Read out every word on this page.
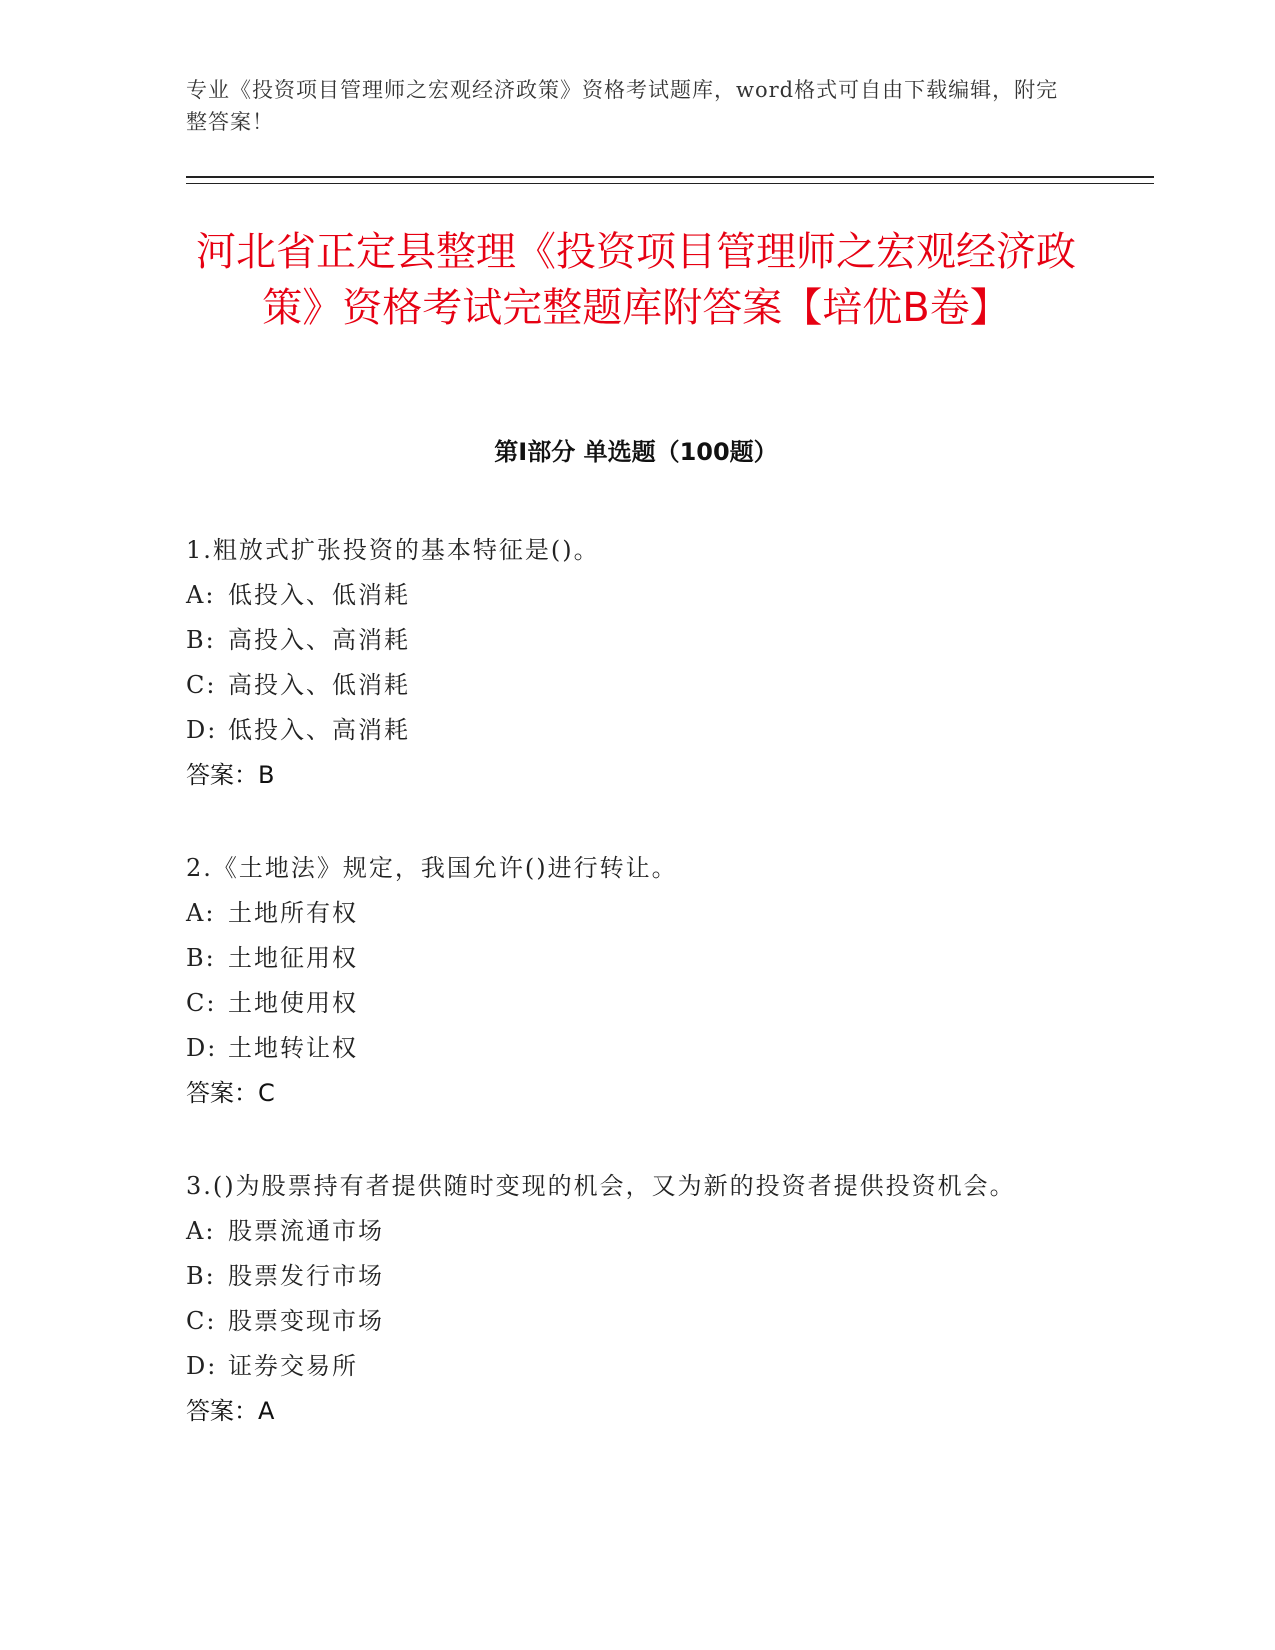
专业《投资项目管理师之宏观经济政策》资格考试题库，word格式可自由下载编辑，附完整答案！
河北省正定县整理《投资项目管理师之宏观经济政策》资格考试完整题库附答案【培优B卷】
第I部分 单选题（100题）
1.粗放式扩张投资的基本特征是()。
A: 低投入、低消耗
B: 高投入、高消耗
C: 高投入、低消耗
D: 低投入、高消耗
答案：B
2.《土地法》规定，我国允许()进行转让。
A: 土地所有权
B: 土地征用权
C: 土地使用权
D: 土地转让权
答案：C
3.()为股票持有者提供随时变现的机会，又为新的投资者提供投资机会。
A: 股票流通市场
B: 股票发行市场
C: 股票变现市场
D: 证券交易所
答案：A
